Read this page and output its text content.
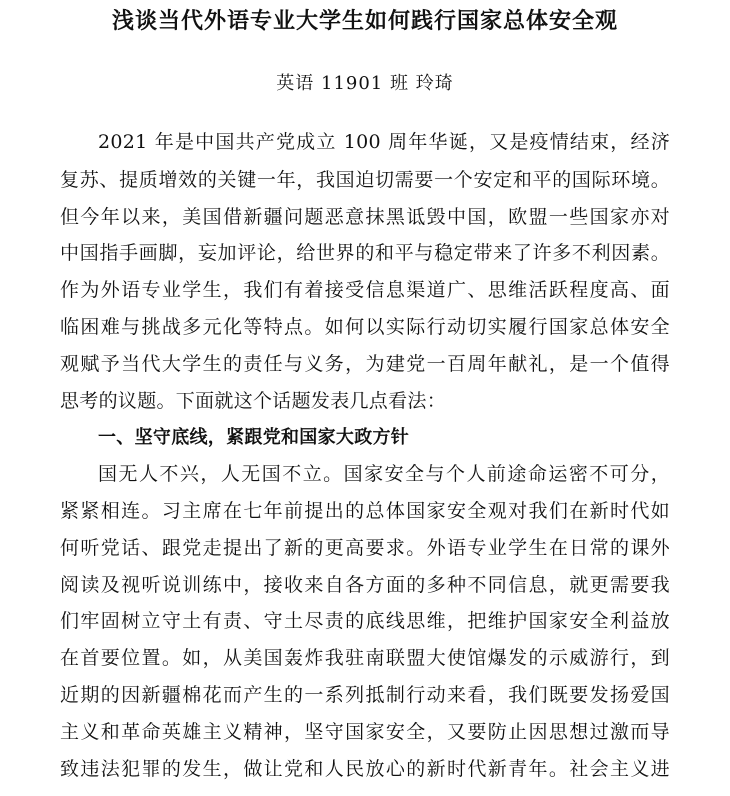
浅谈当代外语专业大学生如何践行国家总体安全观
英语 11901 班 玲琦
2021 年是中国共产党成立 100 周年华诞，又是疫情结束，经济
复苏、提质增效的关键一年，我国迫切需要一个安定和平的国际环境。
但今年以来，美国借新疆问题恶意抹黑诋毁中国，欧盟一些国家亦对
中国指手画脚，妄加评论，给世界的和平与稳定带来了许多不利因素。
作为外语专业学生，我们有着接受信息渠道广、思维活跃程度高、面
临困难与挑战多元化等特点。如何以实际行动切实履行国家总体安全
观赋予当代大学生的责任与义务，为建党一百周年献礼，是一个值得
思考的议题。下面就这个话题发表几点看法：
一、坚守底线，紧跟党和国家大政方针
国无人不兴，人无国不立。国家安全与个人前途命运密不可分，
紧紧相连。习主席在七年前提出的总体国家安全观对我们在新时代如
何听党话、跟党走提出了新的更高要求。外语专业学生在日常的课外
阅读及视听说训练中，接收来自各方面的多种不同信息，就更需要我
们牢固树立守土有责、守土尽责的底线思维，把维护国家安全利益放
在首要位置。如，从美国轰炸我驻南联盟大使馆爆发的示威游行，到
近期的因新疆棉花而产生的一系列抵制行动来看，我们既要发扬爱国
主义和革命英雄主义精神，坚守国家安全，又要防止因思想过激而导
致违法犯罪的发生，做让党和人民放心的新时代新青年。社会主义进
